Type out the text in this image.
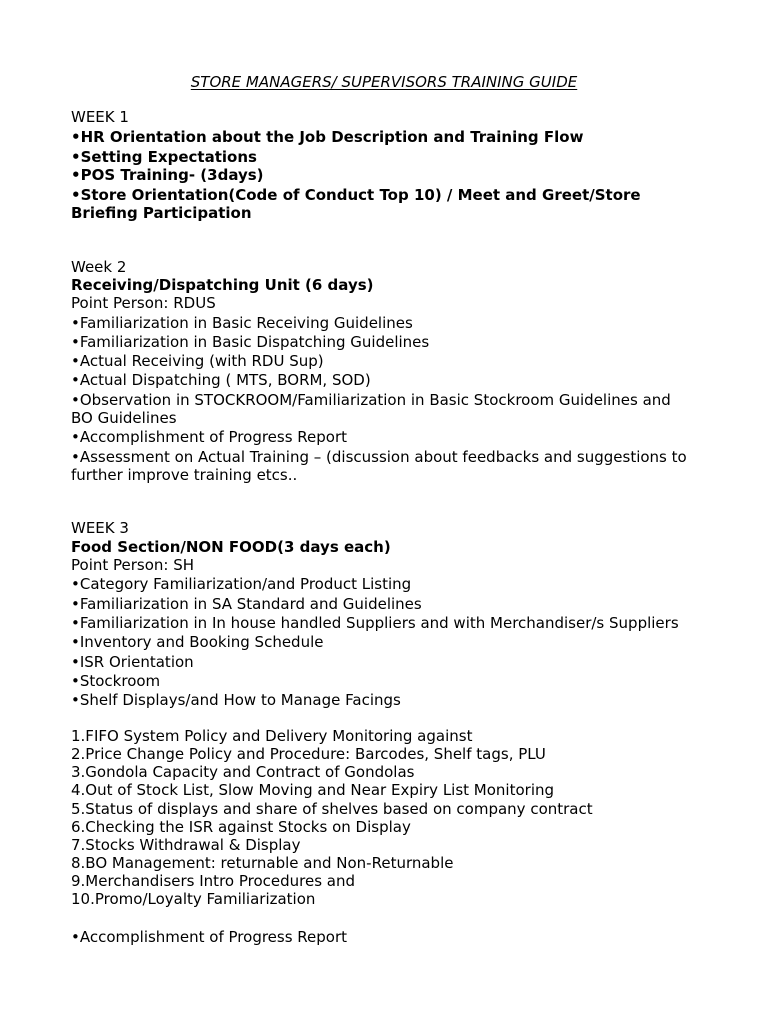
STORE MANAGERS/ SUPERVISORS TRAINING GUIDE
WEEK 1
•HR Orientation about the Job Description and Training Flow
•Setting Expectations
•POS Training- (3days)
•Store Orientation(Code of Conduct Top 10) / Meet and Greet/Store
Briefing Participation
Week 2
Receiving/Dispatching Unit (6 days)
Point Person: RDUS
•Familiarization in Basic Receiving Guidelines
•Familiarization in Basic Dispatching Guidelines
•Actual Receiving (with RDU Sup)
•Actual Dispatching ( MTS, BORM, SOD)
•Observation in STOCKROOM/Familiarization in Basic Stockroom Guidelines and
BO Guidelines
•Accomplishment of Progress Report
•Assessment on Actual Training – (discussion about feedbacks and suggestions to
further improve training etcs..
WEEK 3
Food Section/NON FOOD(3 days each)
Point Person: SH
•Category Familiarization/and Product Listing
•Familiarization in SA Standard and Guidelines
•Familiarization in In house handled Suppliers and with Merchandiser/s Suppliers
•Inventory and Booking Schedule
•ISR Orientation
•Stockroom
•Shelf Displays/and How to Manage Facings
1.FIFO System Policy and Delivery Monitoring against
2.Price Change Policy and Procedure: Barcodes, Shelf tags, PLU
3.Gondola Capacity and Contract of Gondolas
4.Out of Stock List, Slow Moving and Near Expiry List Monitoring
5.Status of displays and share of shelves based on company contract
6.Checking the ISR against Stocks on Display
7.Stocks Withdrawal & Display
8.BO Management: returnable and Non-Returnable
9.Merchandisers Intro Procedures and
10.Promo/Loyalty Familiarization
•Accomplishment of Progress Report
